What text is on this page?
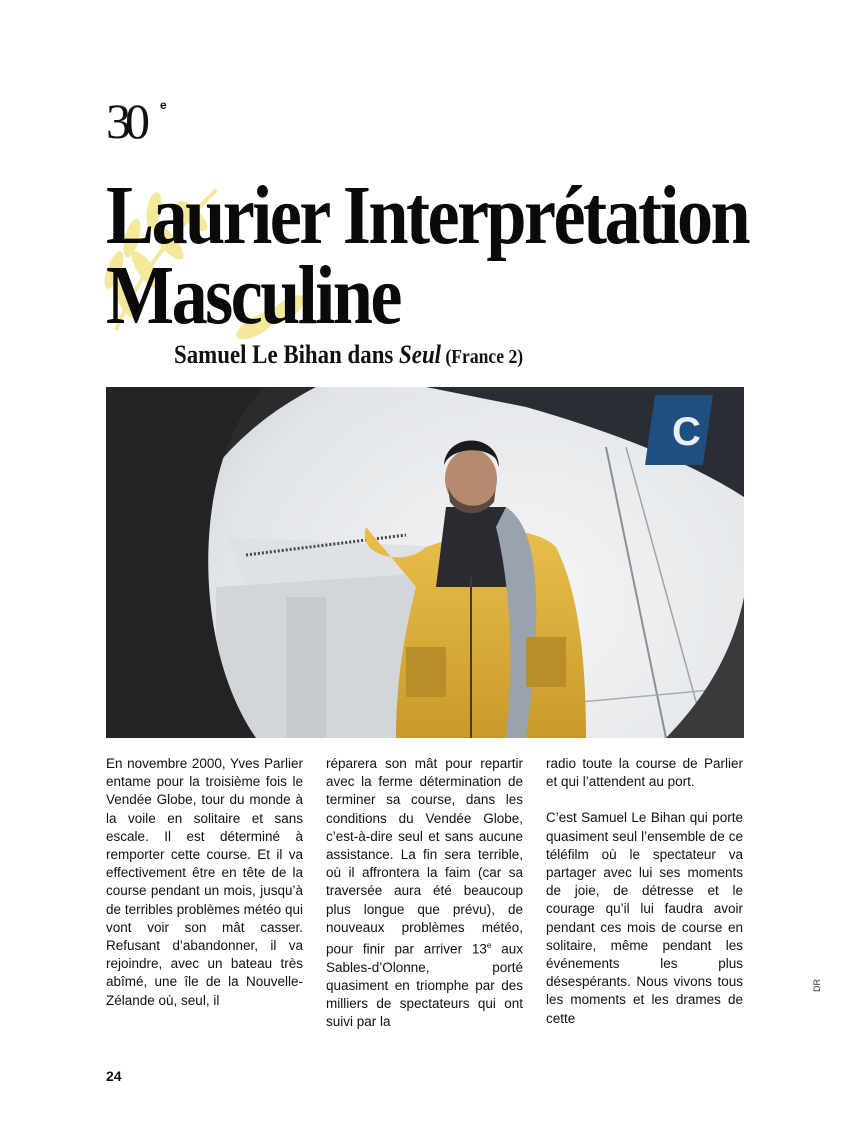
30 e
Laurier Interprétation
Masculine
Samuel Le Bihan dans Seul (France 2)
C

En novembre 2000, Yves Parlier entame pour la troisième fois le Vendée Globe, tour du monde à la voile en solitaire et sans escale. Il est déterminé à remporter cette course. Et il va effectivement être en tête de la course pendant un mois, jusqu’à de terribles problèmes météo qui vont voir son mât casser. Refusant d’abandonner, il va rejoindre, avec un bateau très abîmé, une île de la Nouvelle-Zélande où, seul, il

réparera son mât pour repartir avec la ferme détermination de terminer sa course, dans les conditions du Vendée Globe, c’est-à-dire seul et sans aucune assistance. La fin sera terrible, où il affrontera la faim (car sa traversée aura été beaucoup plus longue que prévu), de nouveaux problèmes météo, pour finir par arriver 13e aux Sables-d’Olonne, porté quasiment en triomphe par des milliers de spectateurs qui ont suivi par la

radio toute la course de Parlier et qui l’attendent au port.

C’est Samuel Le Bihan qui porte quasiment seul l’ensemble de ce téléfilm où le spectateur va partager avec lui ses moments de joie, de détresse et le courage qu’il lui faudra avoir pendant ces mois de course en solitaire, même pendant les événements les plus désespérants. Nous vivons tous les moments et les drames de cette

DR
24
